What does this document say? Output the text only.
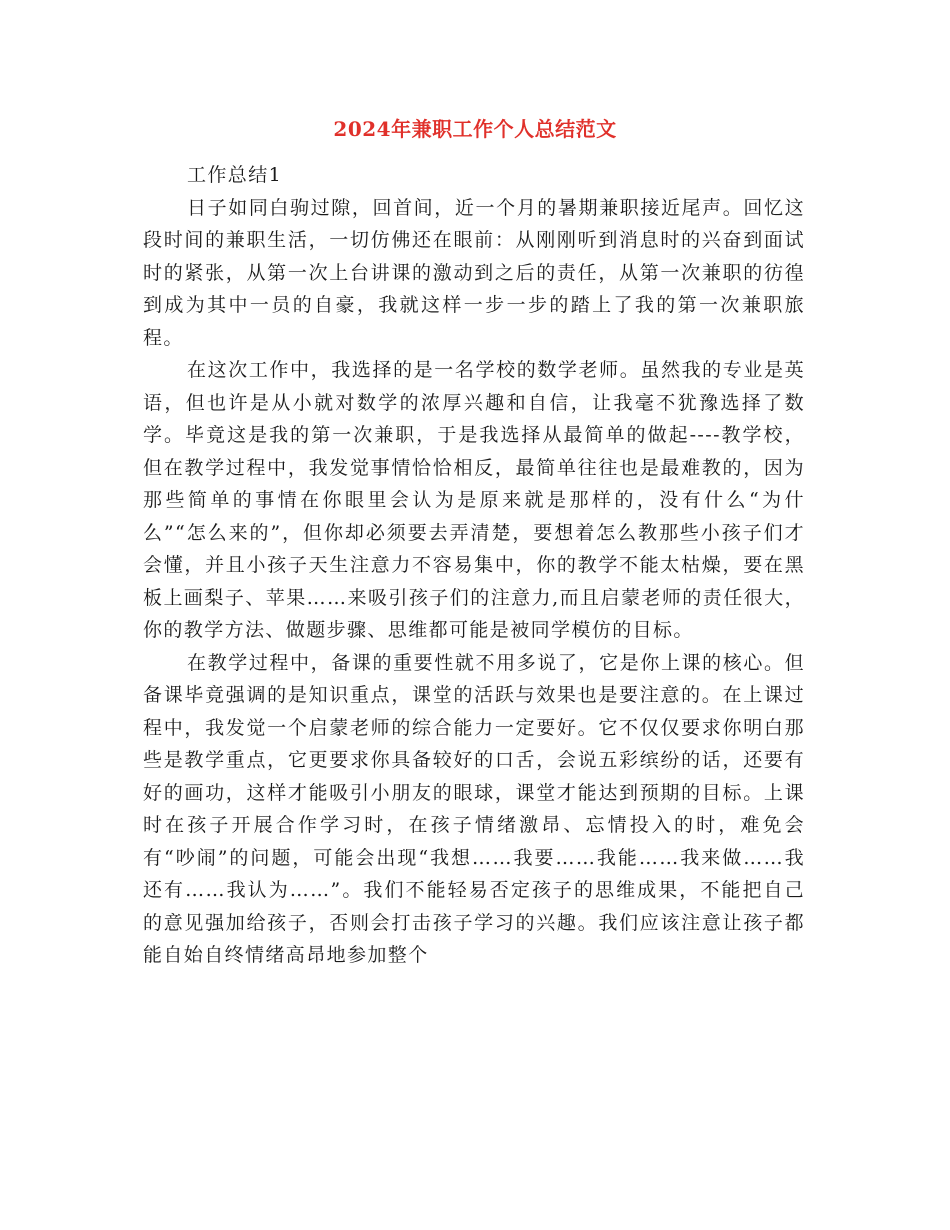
2024年兼职工作个人总结范文

工作总结1

日子如同白驹过隙，回首间，近一个月的暑期兼职接近尾声。回忆这段时间的兼职生活，一切仿佛还在眼前：从刚刚听到消息时的兴奋到面试时的紧张，从第一次上台讲课的激动到之后的责任，从第一次兼职的彷徨到成为其中一员的自豪，我就这样一步一步的踏上了我的第一次兼职旅程。

在这次工作中，我选择的是一名学校的数学老师。虽然我的专业是英语，但也许是从小就对数学的浓厚兴趣和自信，让我毫不犹豫选择了数学。毕竟这是我的第一次兼职，于是我选择从最简单的做起----教学校，但在教学过程中，我发觉事情恰恰相反，最简单往往也是最难教的，因为那些简单的事情在你眼里会认为是原来就是那样的，没有什么“为什么”“怎么来的”，但你却必须要去弄清楚，要想着怎么教那些小孩子们才会懂，并且小孩子天生注意力不容易集中，你的教学不能太枯燥，要在黑板上画梨子、苹果……来吸引孩子们的注意力,而且启蒙老师的责任很大，你的教学方法、做题步骤、思维都可能是被同学模仿的目标。

在教学过程中，备课的重要性就不用多说了，它是你上课的核心。但备课毕竟强调的是知识重点，课堂的活跃与效果也是要注意的。在上课过程中，我发觉一个启蒙老师的综合能力一定要好。它不仅仅要求你明白那些是教学重点，它更要求你具备较好的口舌，会说五彩缤纷的话，还要有好的画功，这样才能吸引小朋友的眼球，课堂才能达到预期的目标。上课时在孩子开展合作学习时，在孩子情绪激昂、忘情投入的时，难免会有“吵闹”的问题，可能会出现“我想……我要……我能……我来做……我还有……我认为……”。我们不能轻易否定孩子的思维成果，不能把自己的意见强加给孩子，否则会打击孩子学习的兴趣。我们应该注意让孩子都能自始自终情绪高昂地参加整个
